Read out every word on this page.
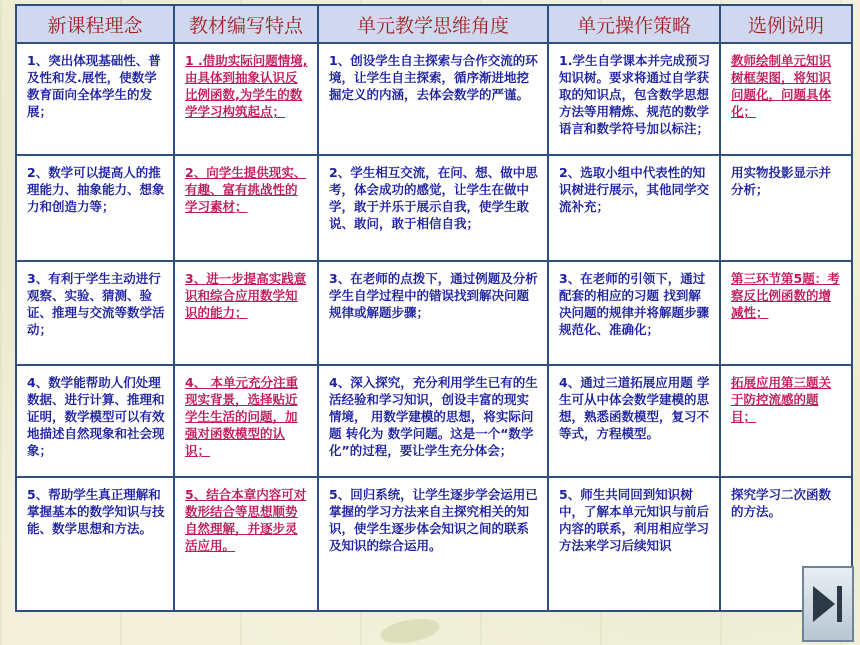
新课程理念	教材编写特点	单元教学思维角度	单元操作策略	选例说明
1、突出体现基础性、普及性和发.展性，使数学教育面向全体学生的发展；	1 .借助实际问题情境,由具体到抽象认识反比例函数,为学生的数学学习构筑起点；	1、创设学生自主探索与合作交流的环境，让学生自主探索，循序渐进地挖掘定义的内涵，去体会数学的严谨。	1.学生自学课本并完成预习知识树。要求将通过自学获取的知识点，包含数学思想方法等用精炼、规范的数学语言和数学符号加以标注；	教师绘制单元知识树框架图，将知识问题化，问题具体化；
2、数学可以提高人的推理能力、抽象能力、想象力和创造力等；	2、向学生提供现实、有趣、富有挑战性的学习素材；	2、学生相互交流，在问、想、做中思考，体会成功的感觉，让学生在做中学，敢于并乐于展示自我，使学生敢说、敢问，敢于相信自我；	2、选取小组中代表性的知识树进行展示，其他同学交流补充；	用实物投影显示并分析；
3、有利于学生主动进行观察、实验、猜测、验证、推理与交流等数学活动；	3、进一步提高实践意识和综合应用数学知识的能力；	3、在老师的点拨下，通过例题及分析学生自学过程中的错误找到解决问题规律或解题步骤；	3、在老师的引领下，通过配套的相应的习题 找到解决问题的规律并将解题步骤规范化、准确化；	第三环节第5题：考察反比例函数的增减性；
4、数学能帮助人们处理数据、进行计算、推理和证明，数学模型可以有效地描述自然现象和社会现象；	4、 本单元充分注重现实背景，选择贴近学生生活的问题，加强对函数模型的认识；	4、深入探究，充分利用学生已有的生活经验和学习知识，创设丰富的现实情境， 用数学建模的思想，将实际问题 转化为 数学问题。这是一个“数学化”的过程，要让学生充分体会；	4、通过三道拓展应用题 学生可从中体会数学建模的思想，熟悉函数模型，复习不等式，方程模型。	拓展应用第三题关于防控流感的题目；
5、帮助学生真正理解和掌握基本的数学知识与技能、数学思想和方法。	5、结合本章内容可对数形结合等思想顺势自然理解，并逐步灵活应用。	5、回归系统，让学生逐步学会运用已掌握的学习方法来自主探究相关的知识，使学生逐步体会知识之间的联系及知识的综合运用。	5、师生共同回到知识树中，了解本单元知识与前后内容的联系，利用相应学习方法来学习后续知识	探究学习二次函数的方法。
